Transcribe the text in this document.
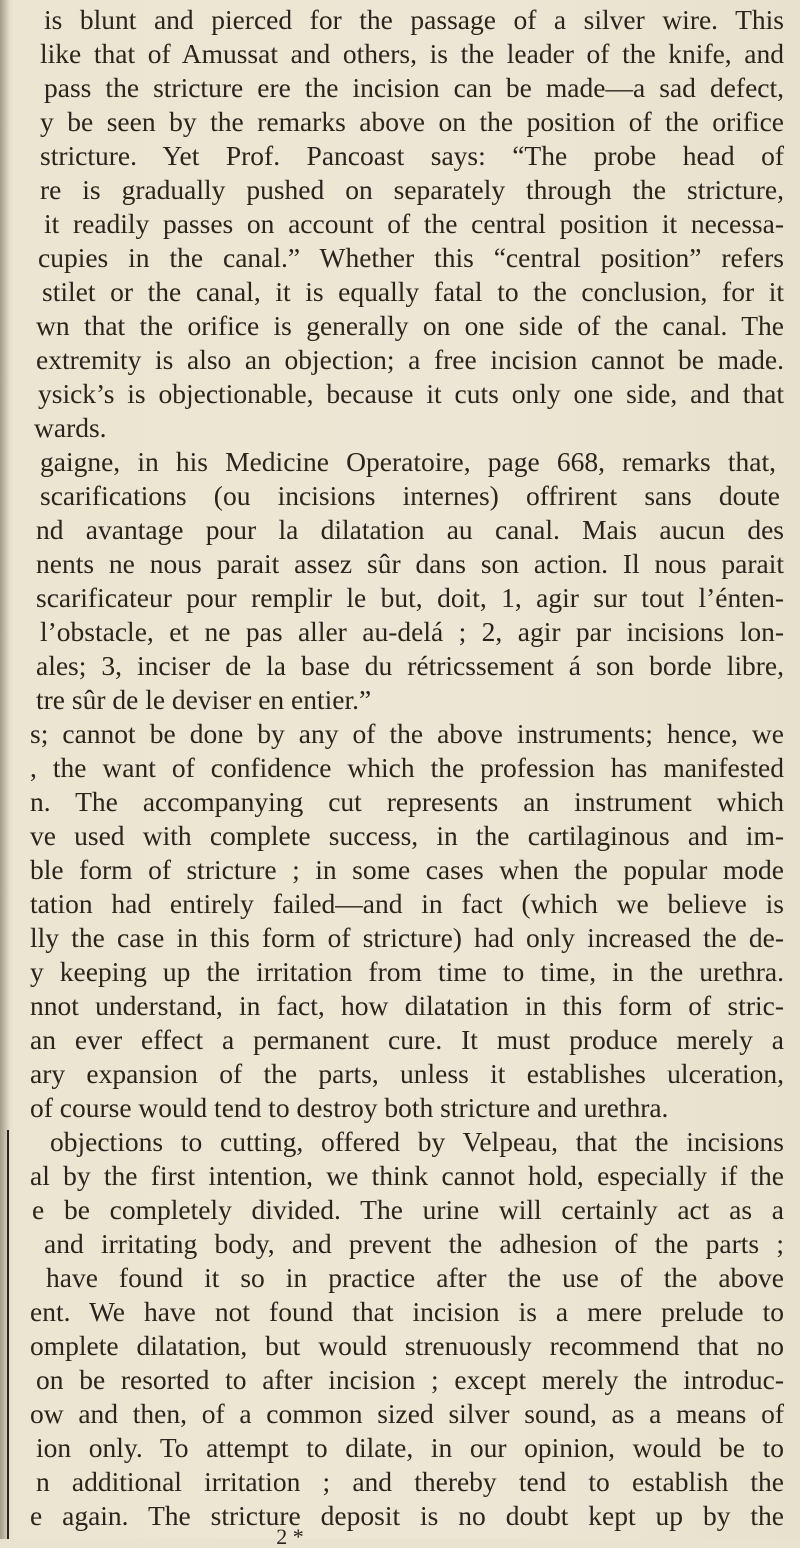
is blunt and pierced for the passage of a silver wire. This
like that of Amussat and others, is the leader of the knife, and
pass the stricture ere the incision can be made—a sad defect,
y be seen by the remarks above on the position of the orifice
stricture. Yet Prof. Pancoast says: “The probe head of
re is gradually pushed on separately through the stricture,
it readily passes on account of the central position it necessa-
cupies in the canal.” Whether this “central position” refers
stilet or the canal, it is equally fatal to the conclusion, for it
wn that the orifice is generally on one side of the canal. The
extremity is also an objection; a free incision cannot be made.
ysick’s is objectionable, because it cuts only one side, and that
wards.
gaigne, in his Medicine Operatoire, page 668, remarks that,
scarifications (ou incisions internes) offrirent sans doute
nd avantage pour la dilatation au canal. Mais aucun des
nents ne nous parait assez sûr dans son action. Il nous parait
scarificateur pour remplir le but, doit, 1, agir sur tout l’énten-
l’obstacle, et ne pas aller au-delá ; 2, agir par incisions lon-
ales; 3, inciser de la base du rétricssement á son borde libre,
tre sûr de le deviser en entier.”
s; cannot be done by any of the above instruments; hence, we
, the want of confidence which the profession has manifested
n. The accompanying cut represents an instrument which
ve used with complete success, in the cartilaginous and im-
ble form of stricture ; in some cases when the popular mode
tation had entirely failed—and in fact (which we believe is
lly the case in this form of stricture) had only increased the de-
y keeping up the irritation from time to time, in the urethra.
nnot understand, in fact, how dilatation in this form of stric-
an ever effect a permanent cure. It must produce merely a
ary expansion of the parts, unless it establishes ulceration,
of course would tend to destroy both stricture and urethra.
objections to cutting, offered by Velpeau, that the incisions
al by the first intention, we think cannot hold, especially if the
e be completely divided. The urine will certainly act as a
and irritating body, and prevent the adhesion of the parts ;
have found it so in practice after the use of the above
ent. We have not found that incision is a mere prelude to
omplete dilatation, but would strenuously recommend that no
on be resorted to after incision ; except merely the introduc-
ow and then, of a common sized silver sound, as a means of
ion only. To attempt to dilate, in our opinion, would be to
n additional irritation ; and thereby tend to establish the
e again. The stricture deposit is no doubt kept up by the
2 *
